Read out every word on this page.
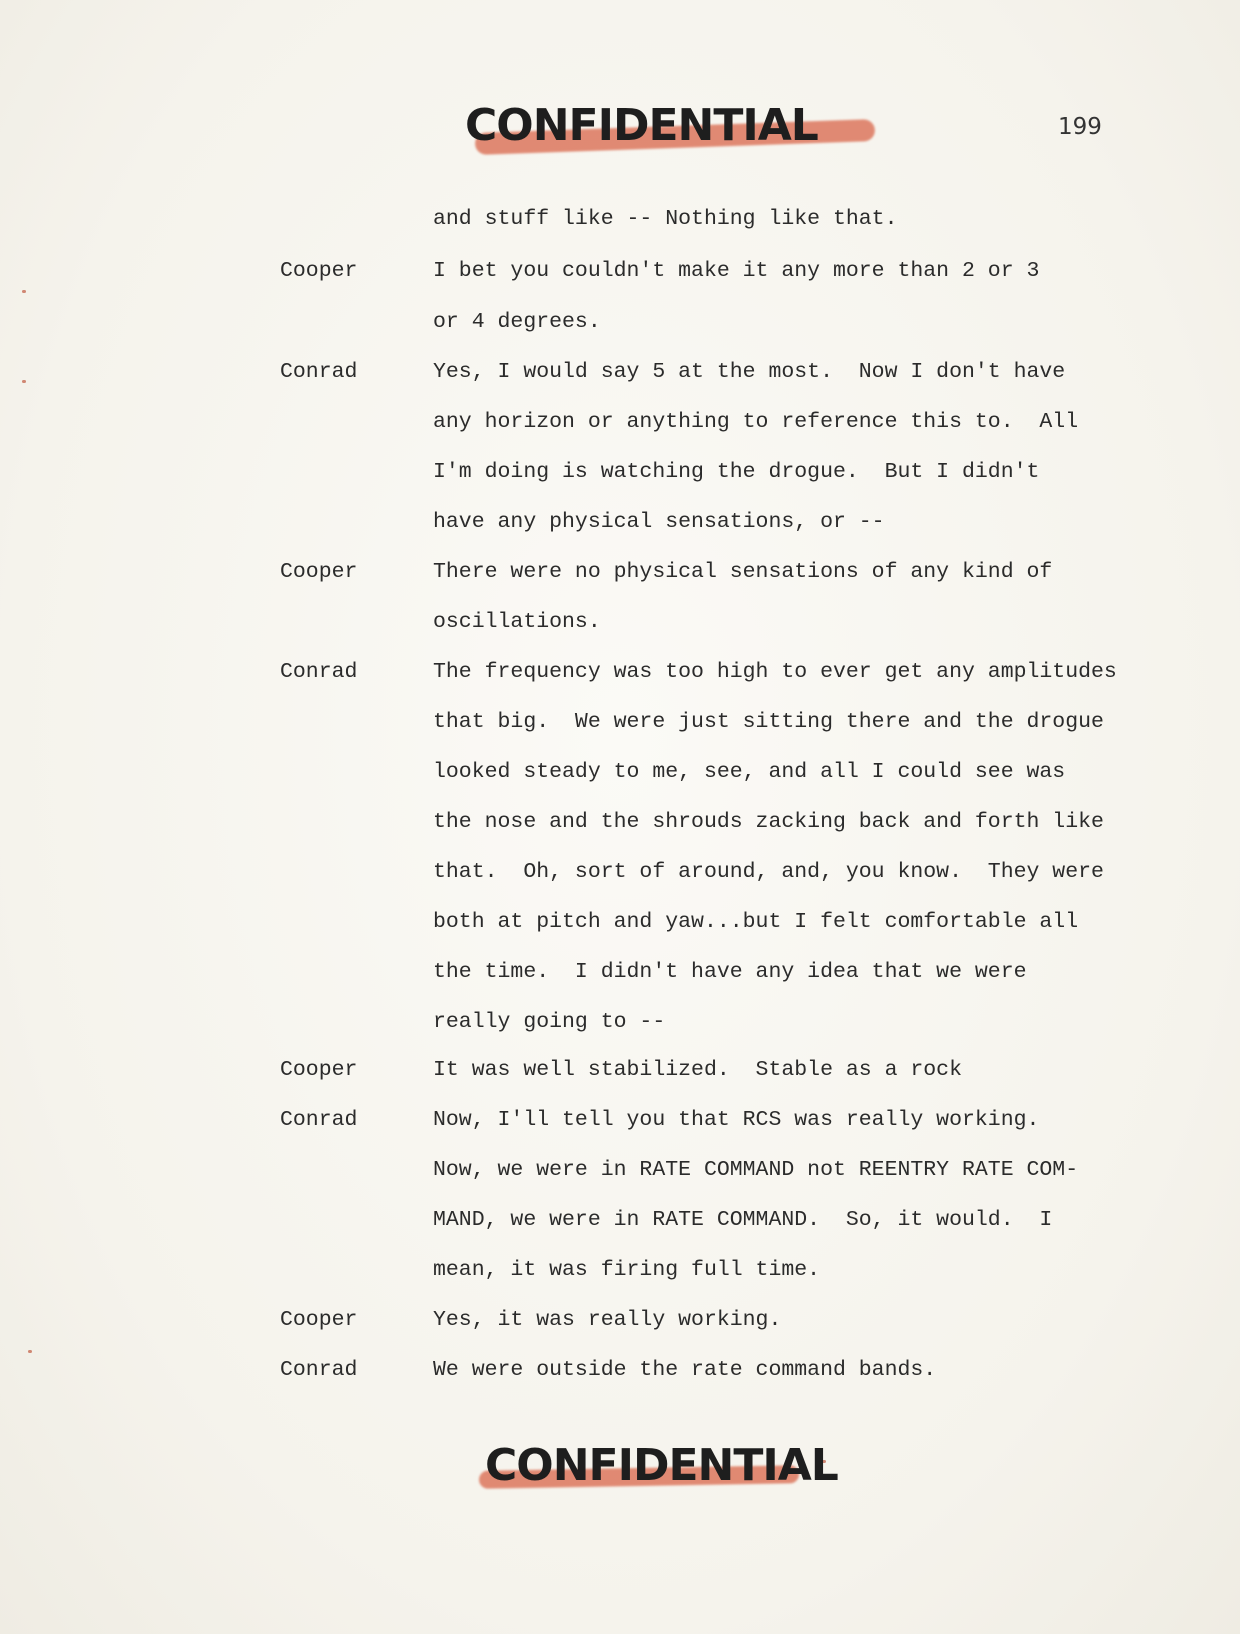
CONFIDENTIAL	199
and stuff like -- Nothing like that.
Cooper	I bet you couldn't make it any more than 2 or 3
or 4 degrees.
Conrad	Yes, I would say 5 at the most.  Now I don't have
any horizon or anything to reference this to.  All
I'm doing is watching the drogue.  But I didn't
have any physical sensations, or --
Cooper	There were no physical sensations of any kind of
oscillations.
Conrad	The frequency was too high to ever get any amplitudes
that big.  We were just sitting there and the drogue
looked steady to me, see, and all I could see was
the nose and the shrouds zacking back and forth like
that.  Oh, sort of around, and, you know.  They were
both at pitch and yaw...but I felt comfortable all
the time.  I didn't have any idea that we were
really going to --
Cooper	It was well stabilized.  Stable as a rock
Conrad	Now, I'll tell you that RCS was really working.
Now, we were in RATE COMMAND not REENTRY RATE COM-
MAND, we were in RATE COMMAND.  So, it would.  I
mean, it was firing full time.
Cooper	Yes, it was really working.
Conrad	We were outside the rate command bands.
CONFIDENTIAL
